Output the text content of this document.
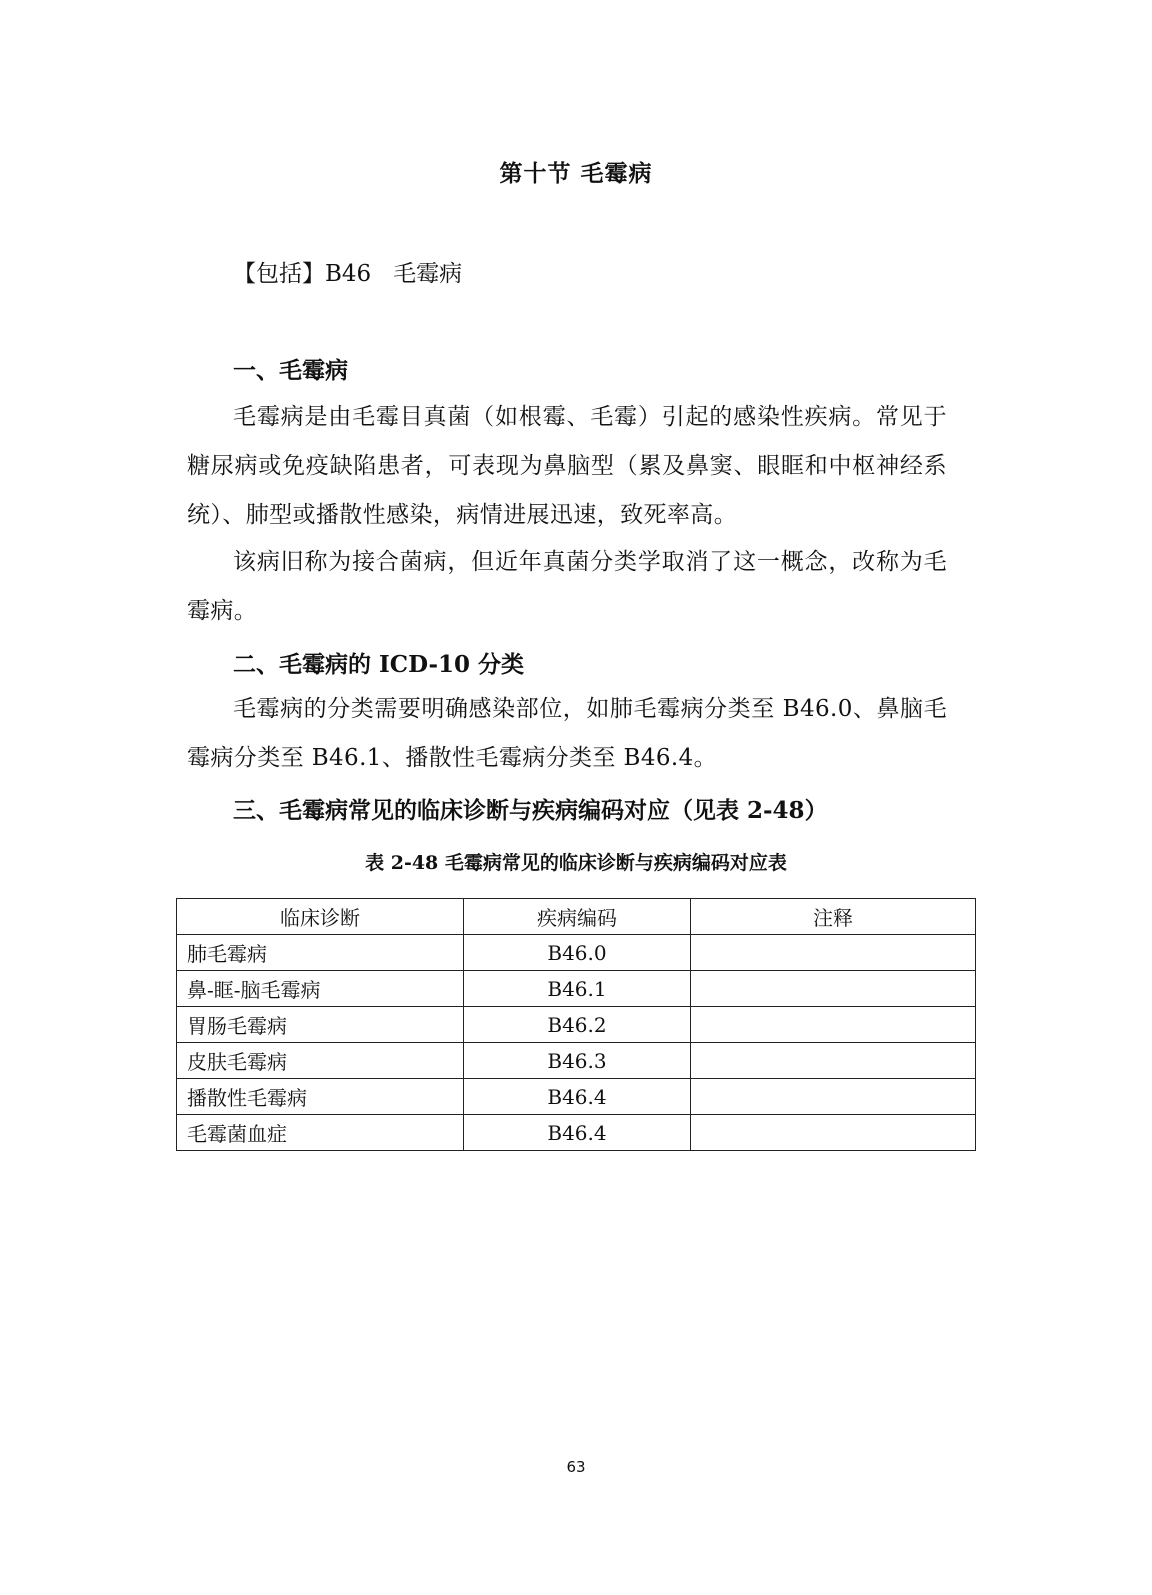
第十节 毛霉病
【包括】B46 毛霉病
一、毛霉病

毛霉病是由毛霉目真菌（如根霉、毛霉）引起的感染性疾病。常见于糖尿病或免疫缺陷患者，可表现为鼻脑型（累及鼻窦、眼眶和中枢神经系统）、肺型或播散性感染，病情进展迅速，致死率高。

该病旧称为接合菌病，但近年真菌分类学取消了这一概念，改称为毛霉病。

二、毛霉病的 ICD-10 分类

毛霉病的分类需要明确感染部位，如肺毛霉病分类至 B46.0、鼻脑毛霉病分类至 B46.1、播散性毛霉病分类至 B46.4。

三、毛霉病常见的临床诊断与疾病编码对应（见表 2-48）
表 2-48 毛霉病常见的临床诊断与疾病编码对应表
临床诊断	疾病编码	注释
肺毛霉病	B46.0	
鼻-眶-脑毛霉病	B46.1	
胃肠毛霉病	B46.2	
皮肤毛霉病	B46.3	
播散性毛霉病	B46.4	
毛霉菌血症	B46.4	
63
